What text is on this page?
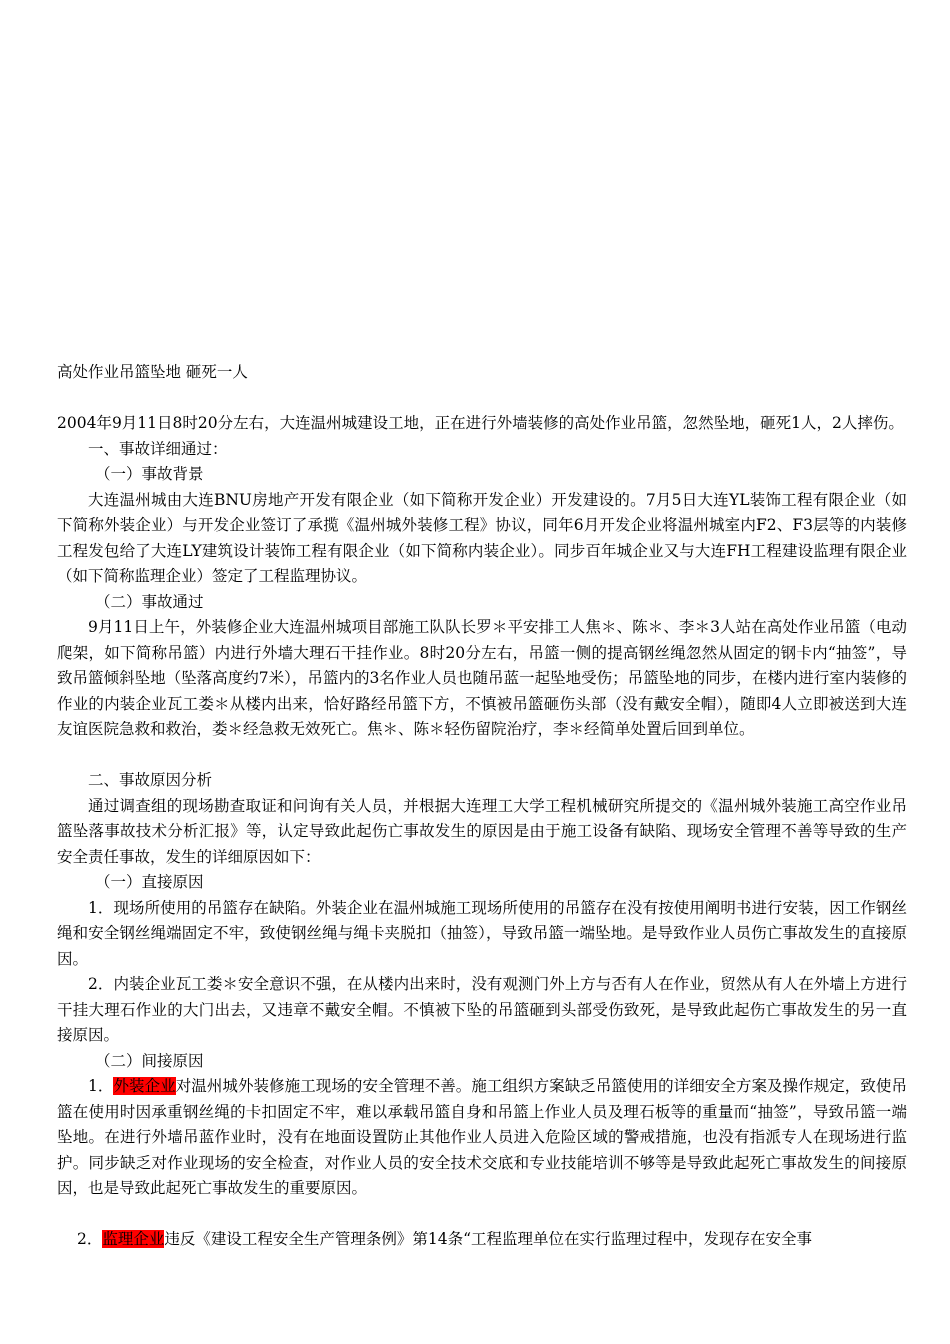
高处作业吊篮坠地 砸死一人

2004年9月11日8时20分左右，大连温州城建设工地，正在进行外墙装修的高处作业吊篮，忽然坠地，砸死1人，2人摔伤。

一、事故详细通过：

（一）事故背景

大连温州城由大连BNU房地产开发有限企业（如下简称开发企业）开发建设的。7月5日大连YL装饰工程有限企业（如下简称外装企业）与开发企业签订了承揽《温州城外装修工程》协议，同年6月开发企业将温州城室内F2、F3层等的内装修工程发包给了大连LY建筑设计装饰工程有限企业（如下简称内装企业）。同步百年城企业又与大连FH工程建设监理有限企业（如下简称监理企业）签定了工程监理协议。

（二）事故通过

9月11日上午，外装修企业大连温州城项目部施工队队长罗＊平安排工人焦＊、陈＊、李＊3人站在高处作业吊篮（电动爬架，如下简称吊篮）内进行外墙大理石干挂作业。8时20分左右，吊篮一侧的提高钢丝绳忽然从固定的钢卡内“抽签”，导致吊篮倾斜坠地（坠落高度约7米），吊篮内的3名作业人员也随吊蓝一起坠地受伤；吊篮坠地的同步，在楼内进行室内装修的作业的内装企业瓦工娄＊从楼内出来，恰好路经吊篮下方，不慎被吊篮砸伤头部（没有戴安全帽），随即4人立即被送到大连友谊医院急救和救治，娄＊经急救无效死亡。焦＊、陈＊轻伤留院治疗，李＊经简单处置后回到单位。

二、事故原因分析

通过调查组的现场勘查取证和问询有关人员，并根据大连理工大学工程机械研究所提交的《温州城外装施工高空作业吊篮坠落事故技术分析汇报》等，认定导致此起伤亡事故发生的原因是由于施工设备有缺陷、现场安全管理不善等导致的生产安全责任事故，发生的详细原因如下：

（一）直接原因

1．现场所使用的吊篮存在缺陷。外装企业在温州城施工现场所使用的吊篮存在没有按使用阐明书进行安装，因工作钢丝绳和安全钢丝绳端固定不牢，致使钢丝绳与绳卡夹脱扣（抽签），导致吊篮一端坠地。是导致作业人员伤亡事故发生的直接原因。

2．内装企业瓦工娄＊安全意识不强，在从楼内出来时，没有观测门外上方与否有人在作业，贸然从有人在外墙上方进行干挂大理石作业的大门出去，又违章不戴安全帽。不慎被下坠的吊篮砸到头部受伤致死，是导致此起伤亡事故发生的另一直接原因。

（二）间接原因

1．外装企业对温州城外装修施工现场的安全管理不善。施工组织方案缺乏吊篮使用的详细安全方案及操作规定，致使吊篮在使用时因承重钢丝绳的卡扣固定不牢，难以承载吊篮自身和吊篮上作业人员及理石板等的重量而“抽签”，导致吊篮一端坠地。在进行外墙吊蓝作业时，没有在地面设置防止其他作业人员进入危险区域的警戒措施，也没有指派专人在现场进行监护。同步缺乏对作业现场的安全检查，对作业人员的安全技术交底和专业技能培训不够等是导致此起死亡事故发生的间接原因，也是导致此起死亡事故发生的重要原因。

2．监理企业违反《建设工程安全生产管理条例》第14条“工程监理单位在实行监理过程中，发现存在安全事
